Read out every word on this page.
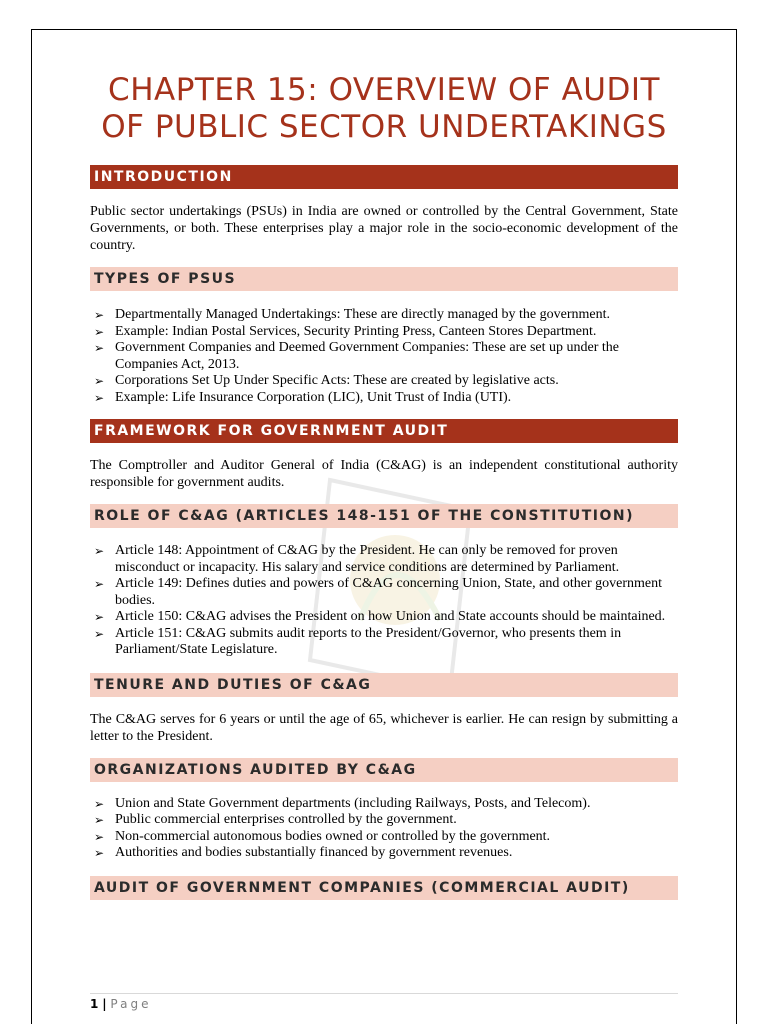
CHAPTER 15: OVERVIEW OF AUDIT OF PUBLIC SECTOR UNDERTAKINGS
INTRODUCTION

Public sector undertakings (PSUs) in India are owned or controlled by the Central Government, State Governments, or both. These enterprises play a major role in the socio-economic development of the country.

TYPES OF PSUS
➢ Departmentally Managed Undertakings: These are directly managed by the government.
➢ Example: Indian Postal Services, Security Printing Press, Canteen Stores Department.
➢ Government Companies and Deemed Government Companies: These are set up under the Companies Act, 2013.
➢ Corporations Set Up Under Specific Acts: These are created by legislative acts.
➢ Example: Life Insurance Corporation (LIC), Unit Trust of India (UTI).
FRAMEWORK FOR GOVERNMENT AUDIT

The Comptroller and Auditor General of India (C&AG) is an independent constitutional authority responsible for government audits.

ROLE OF C&AG (ARTICLES 148-151 OF THE CONSTITUTION)
➢ Article 148: Appointment of C&AG by the President. He can only be removed for proven misconduct or incapacity. His salary and service conditions are determined by Parliament.
➢ Article 149: Defines duties and powers of C&AG concerning Union, State, and other government bodies.
➢ Article 150: C&AG advises the President on how Union and State accounts should be maintained.
➢ Article 151: C&AG submits audit reports to the President/Governor, who presents them in Parliament/State Legislature.
TENURE AND DUTIES OF C&AG

The C&AG serves for 6 years or until the age of 65, whichever is earlier. He can resign by submitting a letter to the President.

ORGANIZATIONS AUDITED BY C&AG
➢ Union and State Government departments (including Railways, Posts, and Telecom).
➢ Public commercial enterprises controlled by the government.
➢ Non-commercial autonomous bodies owned or controlled by the government.
➢ Authorities and bodies substantially financed by government revenues.
AUDIT OF GOVERNMENT COMPANIES (COMMERCIAL AUDIT)
1 | Page
